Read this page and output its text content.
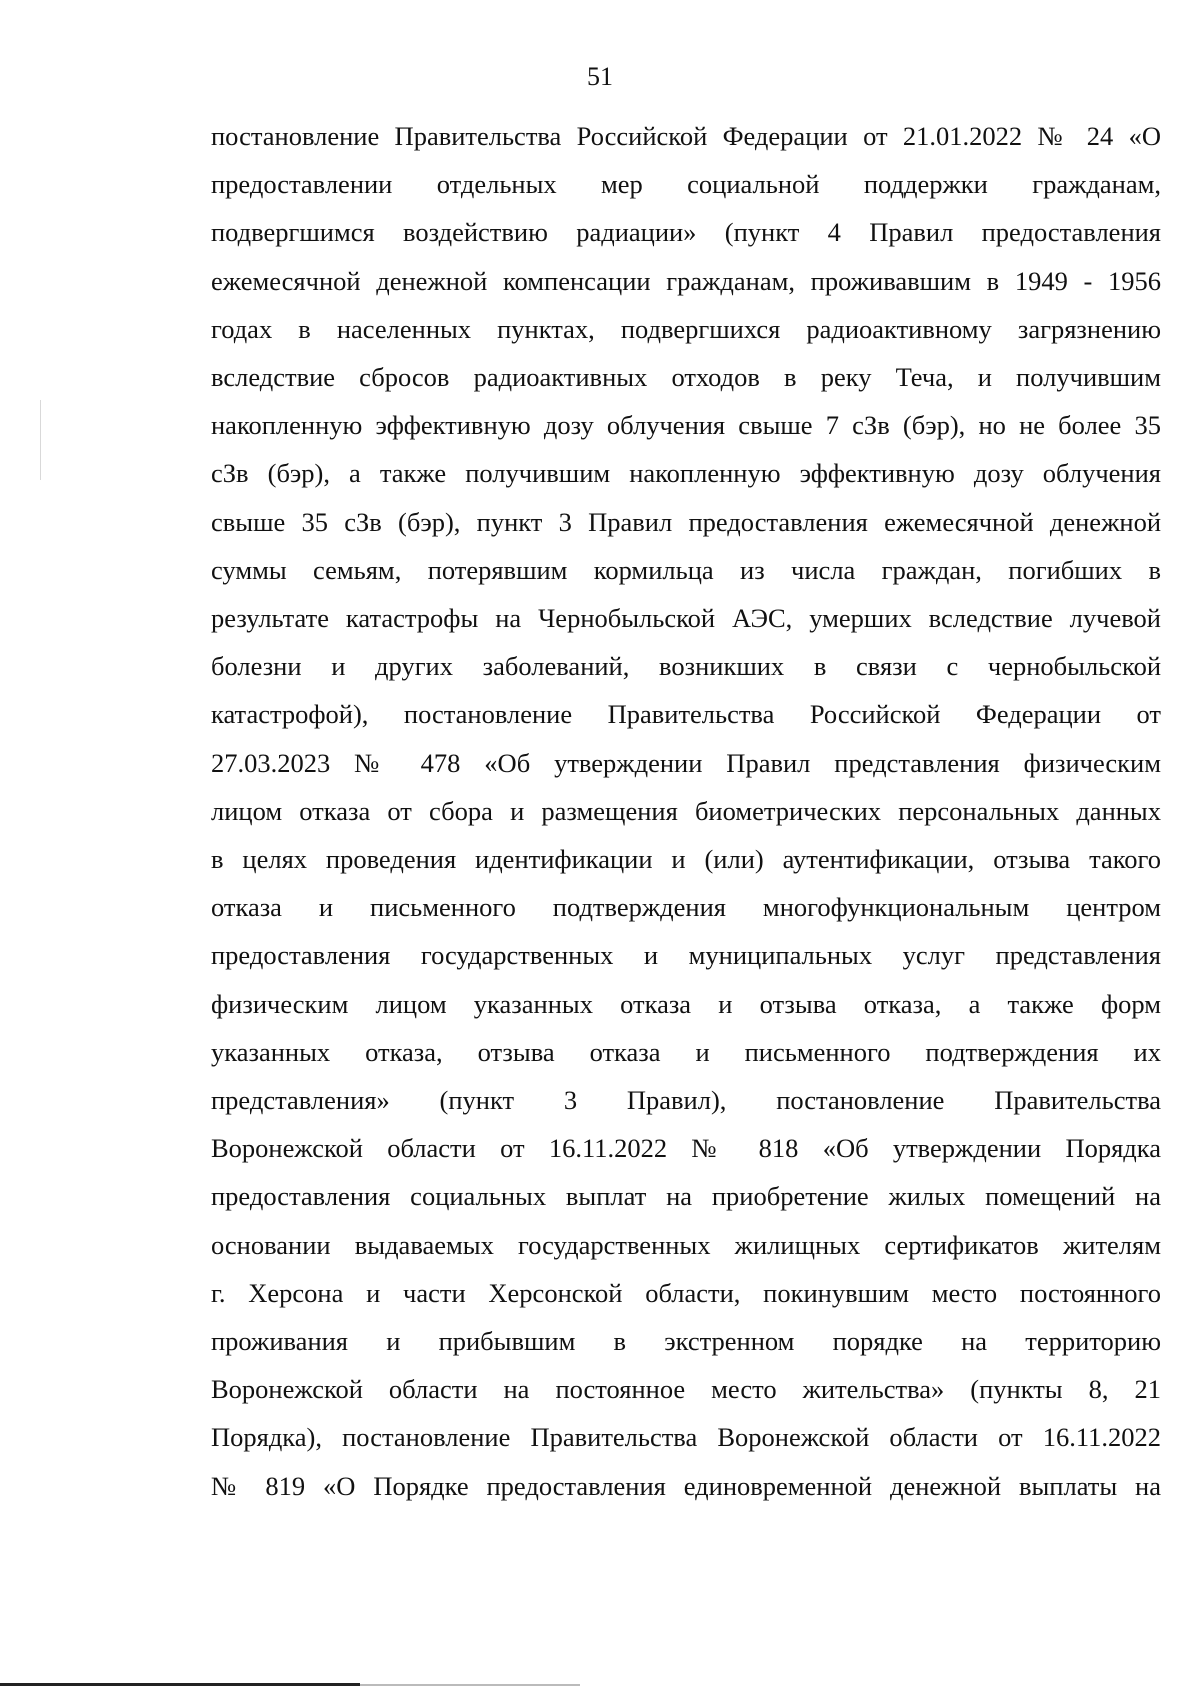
51
постановление Правительства Российской Федерации от 21.01.2022 № 24 «О
предоставлении отдельных мер социальной поддержки гражданам,
подвергшимся воздействию радиации» (пункт 4 Правил предоставления
ежемесячной денежной компенсации гражданам, проживавшим в 1949 - 1956
годах в населенных пунктах, подвергшихся радиоактивному загрязнению
вследствие сбросов радиоактивных отходов в реку Теча, и получившим
накопленную эффективную дозу облучения свыше 7 сЗв (бэр), но не более 35
сЗв (бэр), а также получившим накопленную эффективную дозу облучения
свыше 35 сЗв (бэр), пункт 3 Правил предоставления ежемесячной денежной
суммы семьям, потерявшим кормильца из числа граждан, погибших в
результате катастрофы на Чернобыльской АЭС, умерших вследствие лучевой
болезни и других заболеваний, возникших в связи с чернобыльской
катастрофой), постановление Правительства Российской Федерации от
27.03.2023 № 478 «Об утверждении Правил представления физическим
лицом отказа от сбора и размещения биометрических персональных данных
в целях проведения идентификации и (или) аутентификации, отзыва такого
отказа и письменного подтверждения многофункциональным центром
предоставления государственных и муниципальных услуг представления
физическим лицом указанных отказа и отзыва отказа, а также форм
указанных отказа, отзыва отказа и письменного подтверждения их
представления» (пункт 3 Правил), постановление Правительства
Воронежской области от 16.11.2022 № 818 «Об утверждении Порядка
предоставления социальных выплат на приобретение жилых помещений на
основании выдаваемых государственных жилищных сертификатов жителям
г. Херсона и части Херсонской области, покинувшим место постоянного
проживания и прибывшим в экстренном порядке на территорию
Воронежской области на постоянное место жительства» (пункты 8, 21
Порядка), постановление Правительства Воронежской области от 16.11.2022
№ 819 «О Порядке предоставления единовременной денежной выплаты на
